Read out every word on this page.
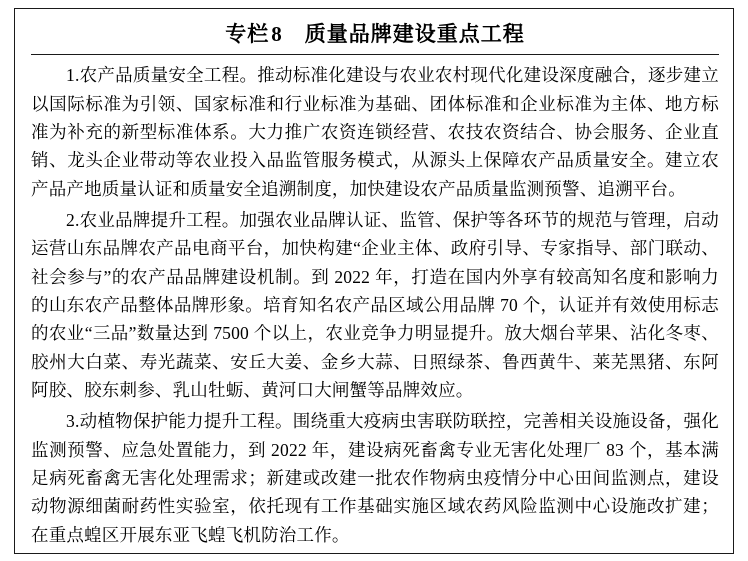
专栏8 质量品牌建设重点工程

1.农产品质量安全工程。推动标准化建设与农业农村现代化建设深度融合，逐步建立以国际标准为引领、国家标准和行业标准为基础、团体标准和企业标准为主体、地方标准为补充的新型标准体系。大力推广农资连锁经营、农技农资结合、协会服务、企业直销、龙头企业带动等农业投入品监管服务模式，从源头上保障农产品质量安全。建立农产品产地质量认证和质量安全追溯制度，加快建设农产品质量监测预警、追溯平台。

2.农业品牌提升工程。加强农业品牌认证、监管、保护等各环节的规范与管理，启动运营山东品牌农产品电商平台，加快构建“企业主体、政府引导、专家指导、部门联动、社会参与”的农产品品牌建设机制。到 2022 年，打造在国内外享有较高知名度和影响力的山东农产品整体品牌形象。培育知名农产品区域公用品牌 70 个，认证并有效使用标志的农业“三品”数量达到 7500 个以上，农业竞争力明显提升。放大烟台苹果、沾化冬枣、胶州大白菜、寿光蔬菜、安丘大姜、金乡大蒜、日照绿茶、鲁西黄牛、莱芜黑猪、东阿阿胶、胶东刺参、乳山牡蛎、黄河口大闸蟹等品牌效应。

3.动植物保护能力提升工程。围绕重大疫病虫害联防联控，完善相关设施设备，强化监测预警、应急处置能力，到 2022 年，建设病死畜禽专业无害化处理厂 83 个，基本满足病死畜禽无害化处理需求；新建或改建一批农作物病虫疫情分中心田间监测点，建设动物源细菌耐药性实验室，依托现有工作基础实施区域农药风险监测中心设施改扩建；在重点蝗区开展东亚飞蝗飞机防治工作。
